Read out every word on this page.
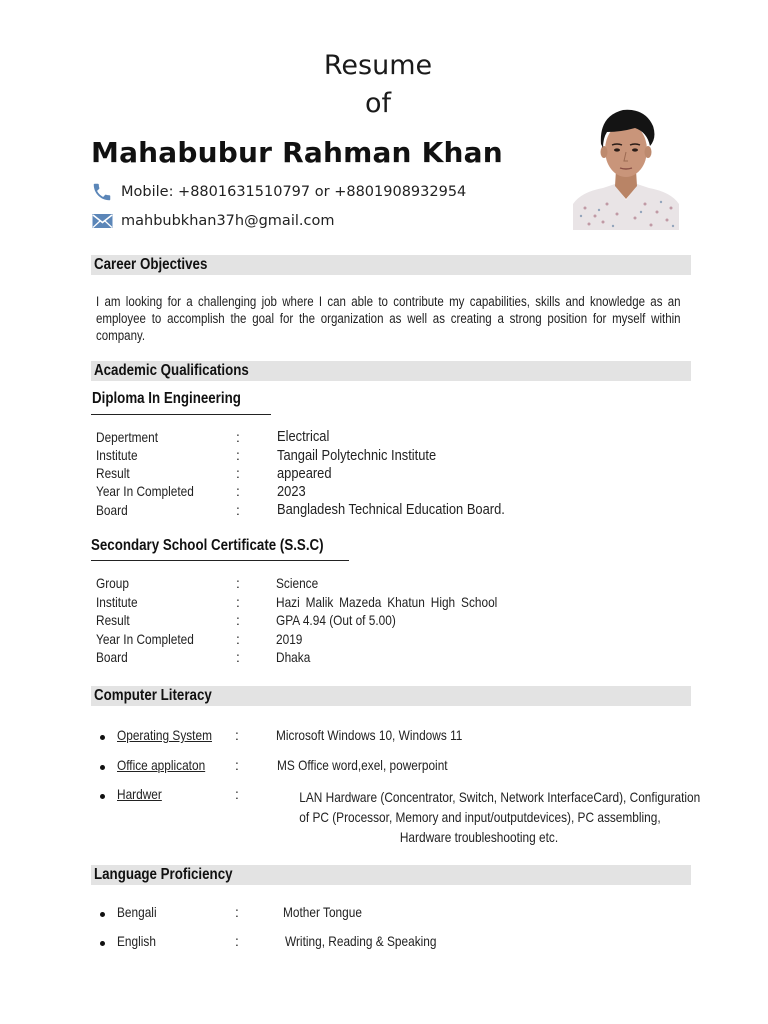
Resume
of
Mahabubur Rahman Khan
Mobile: +8801631510797 or +8801908932954
mahbubkhan37h@gmail.com
Career Objectives
I am looking for a challenging job where I can able to contribute my capabilities, skills and knowledge as an employee to accomplish the goal for the organization as well as creating a strong position for myself within company.
Academic Qualifications
Diploma In Engineering
Depertment	: Electrical
Institute	: Tangail Polytechnic Institute
Result	: appeared
Year In Completed	: 2023
Board	: Bangladesh Technical Education Board.
Secondary School Certificate (S.S.C)
Group	:	Science
Institute	:	Hazi Malik Mazeda Khatun High School
Result	:	GPA 4.94 (Out of 5.00)
Year In Completed	:	2019
Board	:	Dhaka
Computer Literacy
Operating System :	Microsoft Windows 10, Windows 11
Office applicaton :	MS Office word,exel, powerpoint
Hardwer	:	LAN Hardware (Concentrator, Switch, Network InterfaceCard), Configuration
of PC (Processor, Memory and input/outputdevices), PC assembling,
Hardware troubleshooting etc.
Language Proficiency
Bengali	:	Mother Tongue
English	:	Writing, Reading & Speaking
